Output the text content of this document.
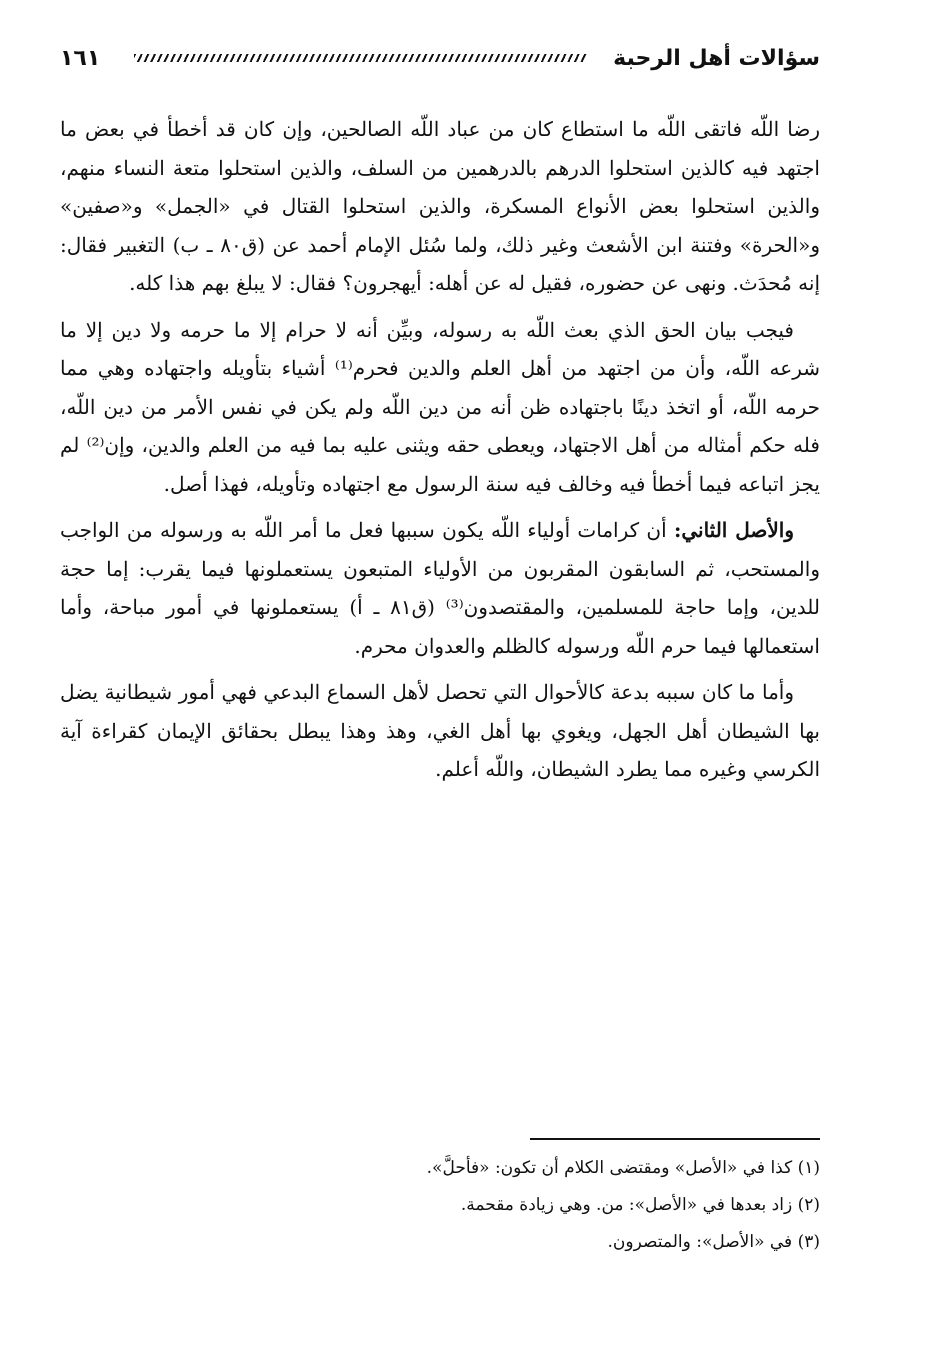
سؤالات أهل الرحبة
١٦١

رضا اللّه فاتقى اللّه ما استطاع كان من عباد اللّه الصالحين، وإن كان قد أخطأ في بعض ما اجتهد فيه كالذين استحلوا الدرهم بالدرهمين من السلف، والذين استحلوا متعة النساء منهم، والذين استحلوا بعض الأنواع المسكرة، والذين استحلوا القتال في «الجمل» و«صفين» و«الحرة» وفتنة ابن الأشعث وغير ذلك، ولما سُئل الإمام أحمد عن (ق٨٠ ـ ب) التغبير فقال: إنه مُحدَث. ونهى عن حضوره، فقيل له عن أهله: أيهجرون؟ فقال: لا يبلغ بهم هذا كله.

فيجب بيان الحق الذي بعث اللّه به رسوله، وبيِّن أنه لا حرام إلا ما حرمه ولا دين إلا ما شرعه اللّه، وأن من اجتهد من أهل العلم والدين فحرم⁽¹⁾ أشياء بتأويله واجتهاده وهي مما حرمه اللّه، أو اتخذ دينًا باجتهاده ظن أنه من دين اللّه ولم يكن في نفس الأمر من دين اللّه، فله حكم أمثاله من أهل الاجتهاد، ويعطى حقه ويثنى عليه بما فيه من العلم والدين، وإن⁽²⁾ لم يجز اتباعه فيما أخطأ فيه وخالف فيه سنة الرسول مع اجتهاده وتأويله، فهذا أصل.

والأصل الثاني: أن كرامات أولياء اللّه يكون سببها فعل ما أمر اللّه به ورسوله من الواجب والمستحب، ثم السابقون المقربون من الأولياء المتبعون يستعملونها فيما يقرب: إما حجة للدين، وإما حاجة للمسلمين، والمقتصدون⁽³⁾ (ق٨١ ـ أ) يستعملونها في أمور مباحة، وأما استعمالها فيما حرم اللّه ورسوله كالظلم والعدوان محرم.

وأما ما كان سببه بدعة كالأحوال التي تحصل لأهل السماع البدعي فهي أمور شيطانية يضل بها الشيطان أهل الجهل، ويغوي بها أهل الغي، وهذ وهذا يبطل بحقائق الإيمان كقراءة آية الكرسي وغيره مما يطرد الشيطان، واللّه أعلم.

(١) كذا في «الأصل» ومقتضى الكلام أن تكون: «فأحلَّ».
(٢) زاد بعدها في «الأصل»: من. وهي زيادة مقحمة.
(٣) في «الأصل»: والمتصرون.
